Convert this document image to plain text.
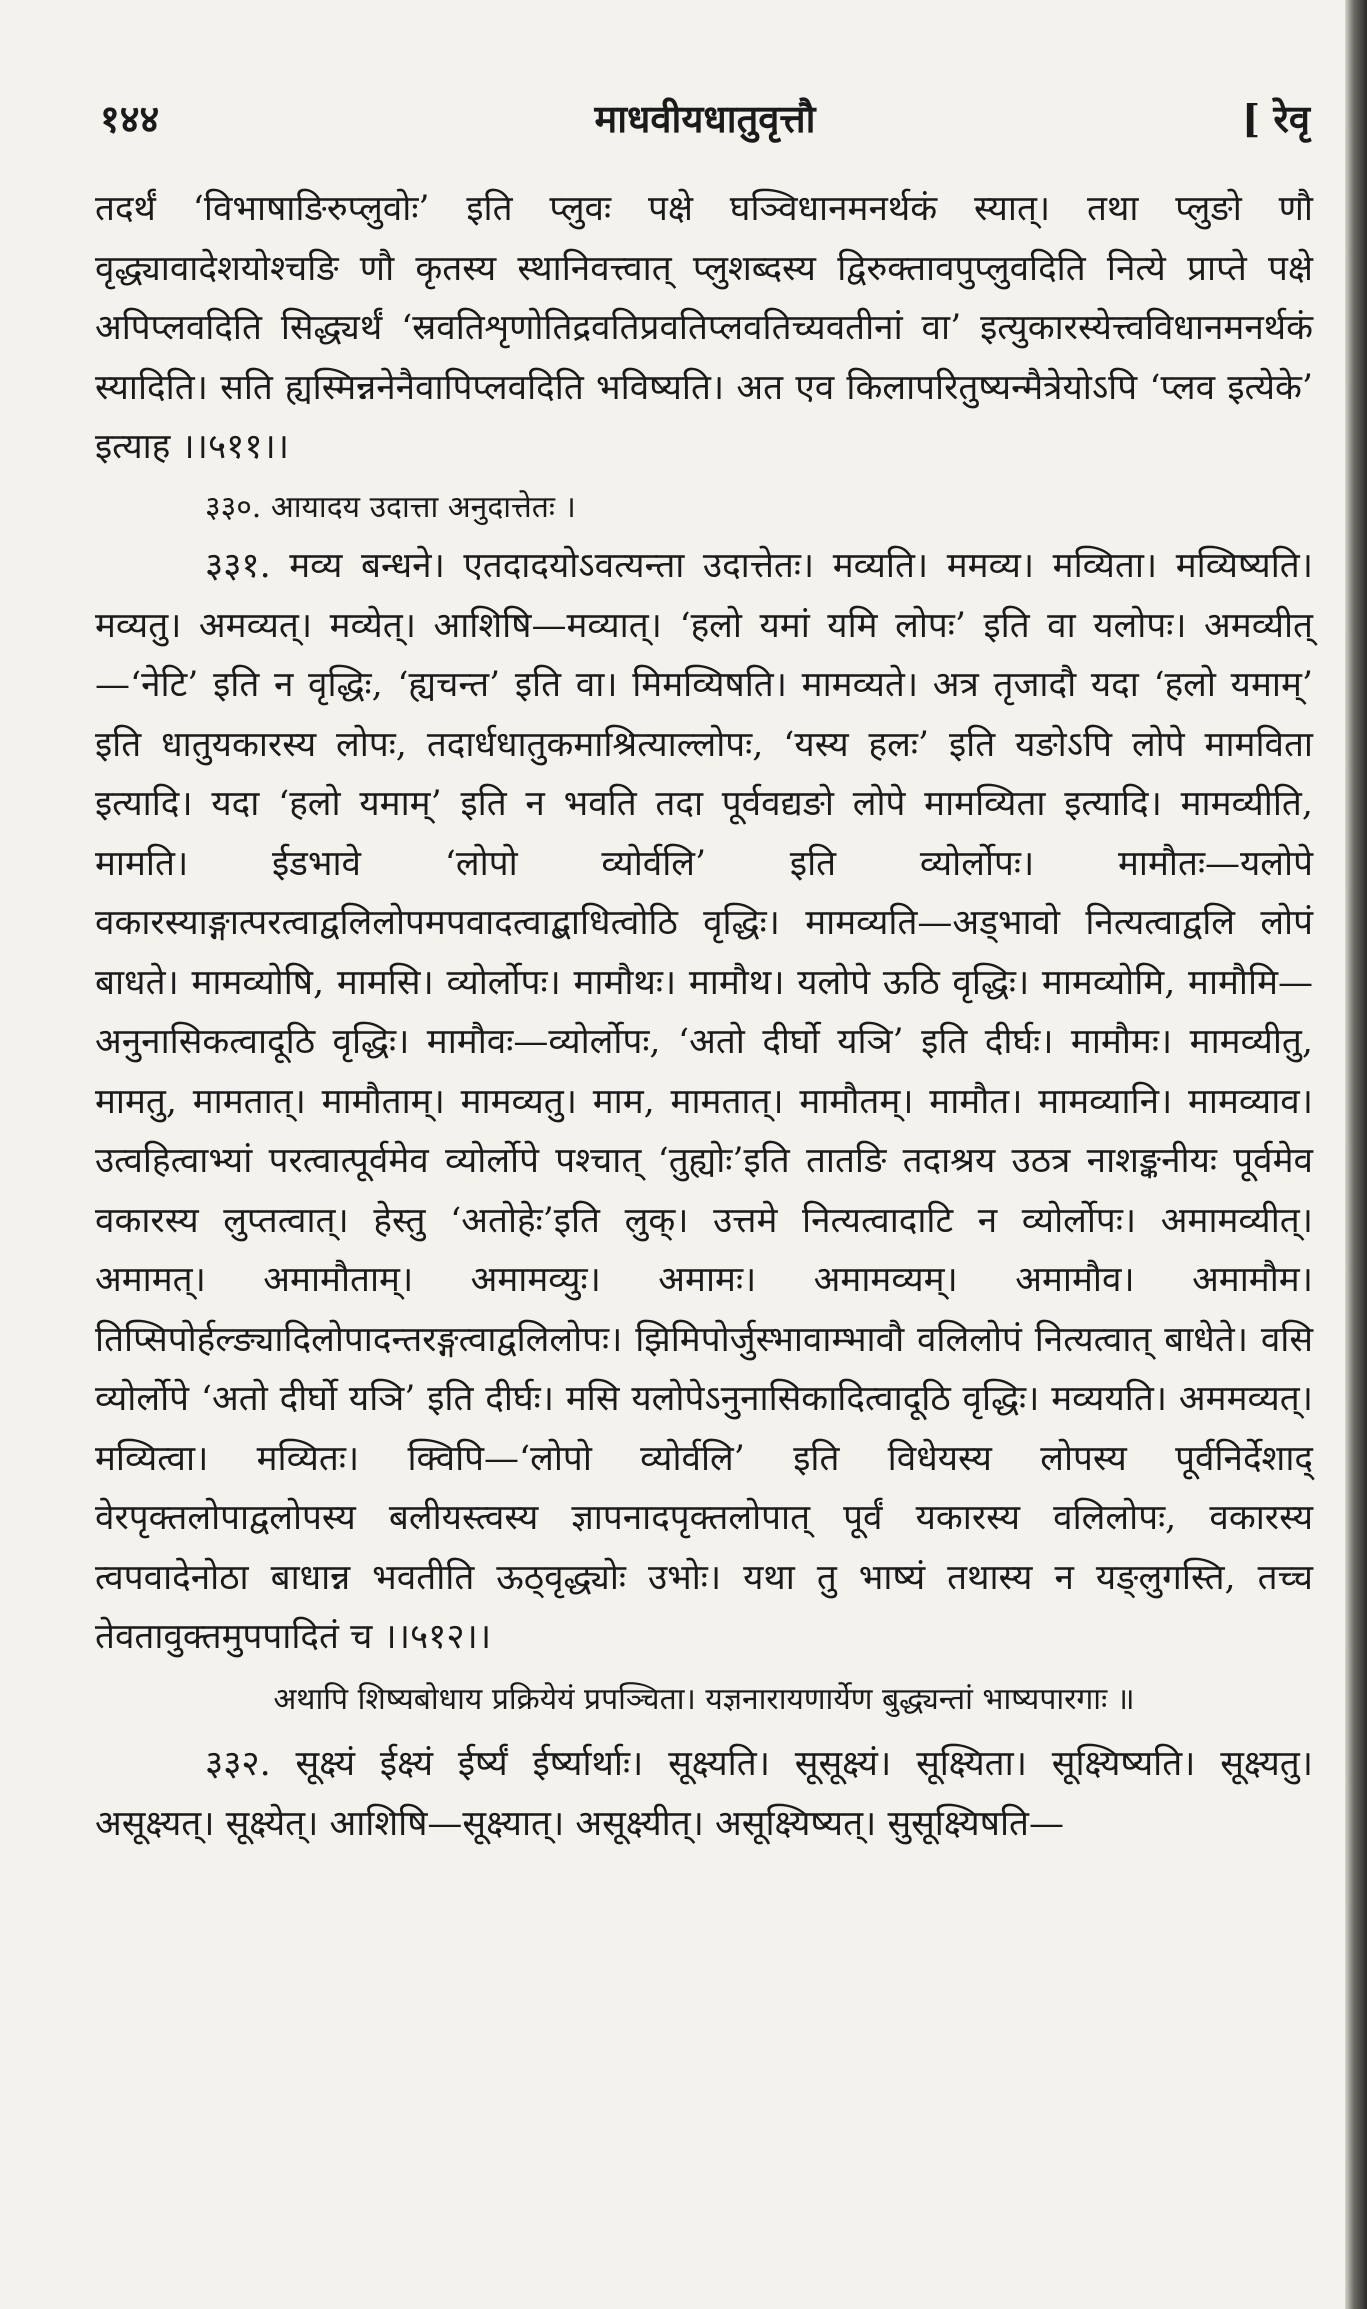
१४४	माधवीयधातुवृत्तौ	[ रेवृ

तदर्थं ‘विभाषाङिरुप्लुवोः’ इति प्लुवः पक्षे घञ्विधानमनर्थकं स्यात्। तथा प्लुङो णौ वृद्ध्यावादेशयोश्चङि णौ कृतस्य स्थानिवत्त्वात् प्लुशब्दस्य द्विरुक्तावपुप्लुवदिति नित्ये प्राप्ते पक्षे अपिप्लवदिति सिद्ध्यर्थं ‘स्रवतिशृणोतिद्रवतिप्रवतिप्लवतिच्यवतीनां वा’ इत्युकारस्येत्त्वविधानमनर्थकं स्यादिति। सति ह्यस्मिन्ननेनैवापिप्लवदिति भविष्यति। अत एव किलापरितुष्यन्मैत्रेयोऽपि ‘प्लव इत्येके’ इत्याह ।।५११।।

३३०. आयादय उदात्ता अनुदात्तेतः ।

३३१. मव्य बन्धने। एतदादयोऽवत्यन्ता उदात्तेतः। मव्यति। ममव्य। मव्यिता। मव्यिष्यति। मव्यतु। अमव्यत्। मव्येत्। आशिषि—मव्यात्। ‘हलो यमां यमि लोपः’ इति वा यलोपः। अमव्यीत्—‘नेटि’ इति न वृद्धिः, ‘ह्यचन्त’ इति वा। मिमव्यिषति। मामव्यते। अत्र तृजादौ यदा ‘हलो यमाम्’ इति धातुयकारस्य लोपः, तदार्धधातुकमाश्रित्याल्लोपः, ‘यस्य हलः’ इति यङोऽपि लोपे मामविता इत्यादि। यदा ‘हलो यमाम्’ इति न भवति तदा पूर्ववद्यङो लोपे मामव्यिता इत्यादि। मामव्यीति, मामति। ईडभावे ‘लोपो व्योर्वलि’ इति व्योर्लोपः। मामौतः—यलोपे वकारस्याङ्गात्परत्वाद्वलिलोपमपवादत्वाद्बाधित्वोठि वृद्धिः। मामव्यति—अड्भावो नित्यत्वाद्वलि लोपं बाधते। मामव्योषि, मामसि। व्योर्लोपः। मामौथः। मामौथ। यलोपे ऊठि वृद्धिः। मामव्योमि, मामौमि—अनुनासिकत्वादूठि वृद्धिः। मामौवः—व्योर्लोपः, ‘अतो दीर्घो यञि’ इति दीर्घः। मामौमः। मामव्यीतु, मामतु, मामतात्। मामौताम्। मामव्यतु। माम, मामतात्। मामौतम्। मामौत। मामव्यानि। मामव्याव। उत्वहित्वाभ्यां परत्वात्पूर्वमेव व्योर्लोपे पश्चात् ‘तुह्योः’इति तातङि तदाश्रय उठत्र नाशङ्कनीयः पूर्वमेव वकारस्य लुप्तत्वात्। हेस्तु ‘अतोहेः’इति लुक्। उत्तमे नित्यत्वादाटि न व्योर्लोपः। अमामव्यीत्। अमामत्। अमामौताम्। अमामव्युः। अमामः। अमामव्यम्। अमामौव। अमामौम। तिप्सिपोर्हल्ङ्यादिलोपादन्तरङ्गत्वाद्वलिलोपः। झिमिपोर्जुस्भावाम्भावौ वलिलोपं नित्यत्वात् बाधेते। वसि व्योर्लोपे ‘अतो दीर्घो यञि’ इति दीर्घः। मसि यलोपेऽनुनासिकादित्वादूठि वृद्धिः। मव्ययति। अममव्यत्। मव्यित्वा। मव्यितः। क्विपि—‘लोपो व्योर्वलि’ इति विधेयस्य लोपस्य पूर्वनिर्देशाद् वेरपृक्तलोपाद्वलोपस्य बलीयस्त्वस्य ज्ञापनादपृक्तलोपात् पूर्वं यकारस्य वलिलोपः, वकारस्य त्वपवादेनोठा बाधान्न भवतीति ऊठ्वृद्ध्योः उभोः। यथा तु भाष्यं तथास्य न यङ्लुगस्ति, तच्च तेवतावुक्तमुपपादितं च ।।५१२।।

अथापि शिष्यबोधाय प्रक्रियेयं प्रपञ्चिता। यज्ञनारायणार्येण बुद्ध्यन्तां भाष्यपारगाः ॥

३३२. सूक्ष्यं ईक्ष्यं ईर्ष्यं ईर्ष्यार्थाः। सूक्ष्यति। सूसूक्ष्यं। सूक्ष्यिता। सूक्ष्यिष्यति। सूक्ष्यतु। असूक्ष्यत्। सूक्ष्येत्। आशिषि—सूक्ष्यात्। असूक्ष्यीत्। असूक्ष्यिष्यत्। सुसूक्ष्यिषति—
